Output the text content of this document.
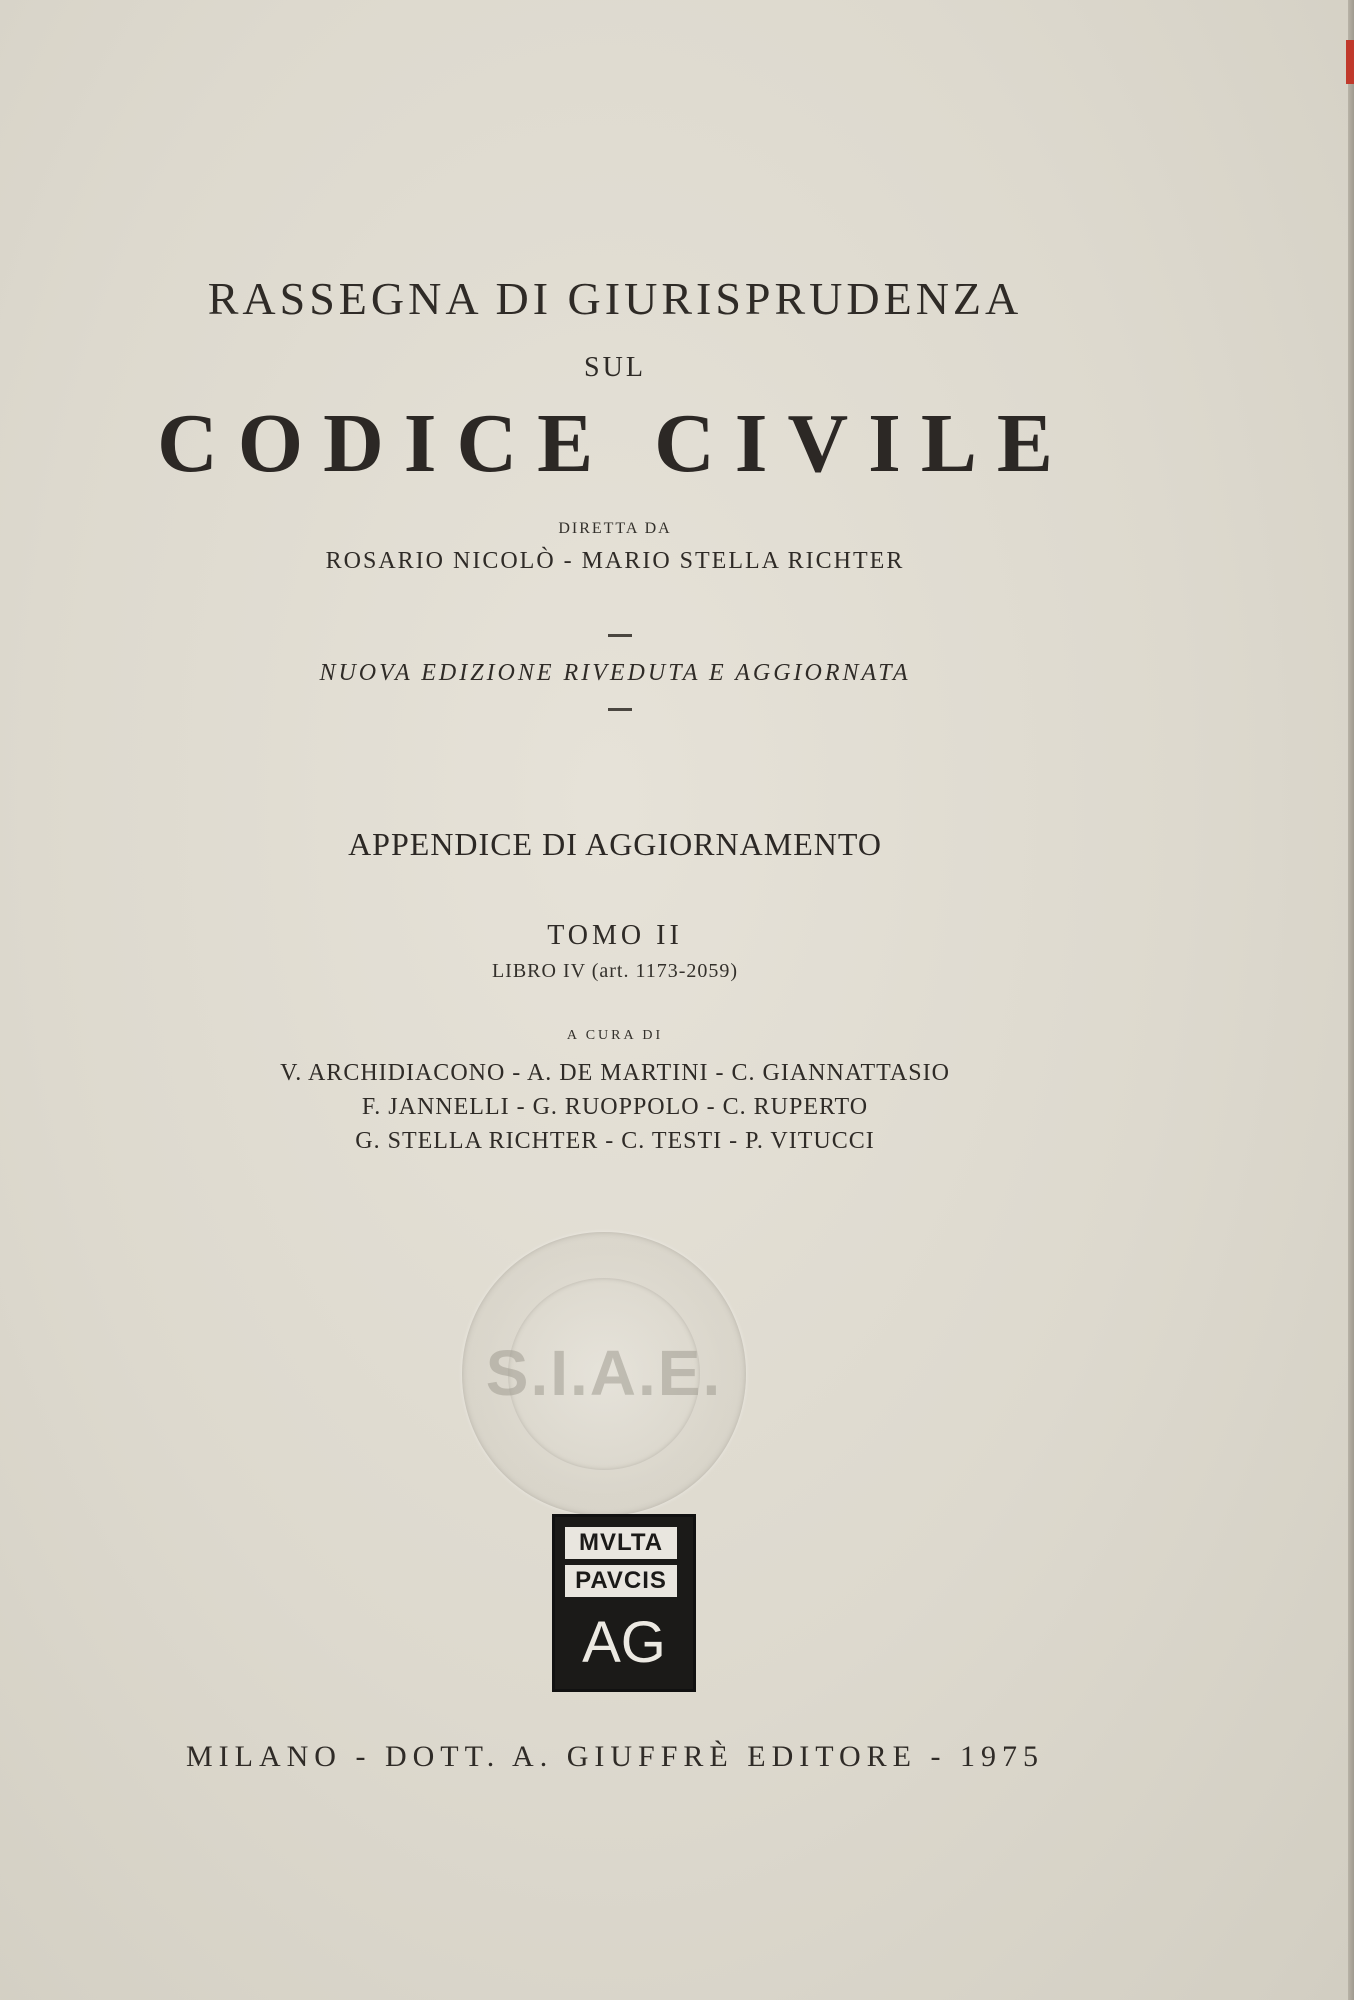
RASSEGNA DI GIURISPRUDENZA
SUL
CODICE CIVILE
DIRETTA DA
ROSARIO NICOLÒ - MARIO STELLA RICHTER
NUOVA EDIZIONE RIVEDUTA E AGGIORNATA
APPENDICE DI AGGIORNAMENTO
TOMO II
LIBRO IV (art. 1173-2059)
A CURA DI
V. ARCHIDIACONO - A. DE MARTINI - C. GIANNATTASIO
F. JANNELLI - G. RUOPPOLO - C. RUPERTO
G. STELLA RICHTER - C. TESTI - P. VITUCCI
S.I.A.E.
MVLTA
PAVCIS
AG
MILANO - DOTT. A. GIUFFRÈ EDITORE - 1975
